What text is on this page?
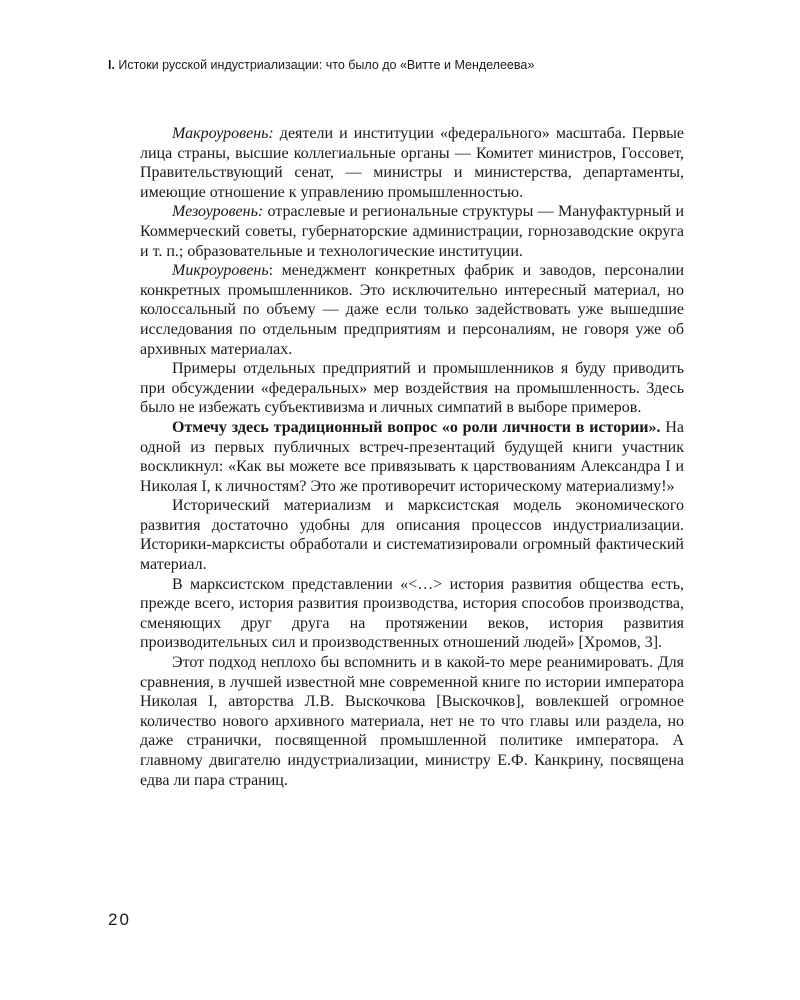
I. Истоки русской индустриализации: что было до «Витте и Менделеева»

Макроуровень: деятели и институции «федерального» масштаба. Первые лица страны, высшие коллегиальные органы — Комитет министров, Госсовет, Правительствующий сенат, — министры и министерства, департаменты, имеющие отношение к управлению промышленностью.

Мезоуровень: отраслевые и региональные структуры — Мануфактурный и Коммерческий советы, губернаторские администрации, горнозаводские округа и т. п.; образовательные и технологические институции.

Микроуровень: менеджмент конкретных фабрик и заводов, персоналии конкретных промышленников. Это исключительно интересный материал, но колоссальный по объему — даже если только задействовать уже вышедшие исследования по отдельным предприятиям и персоналиям, не говоря уже об архивных материалах.

Примеры отдельных предприятий и промышленников я буду приводить при обсуждении «федеральных» мер воздействия на промышленность. Здесь было не избежать субъективизма и личных симпатий в выборе примеров.

Отмечу здесь традиционный вопрос «о роли личности в истории». На одной из первых публичных встреч-презентаций будущей книги участник воскликнул: «Как вы можете все привязывать к царствованиям Александра I и Николая I, к личностям? Это же противоречит историческому материализму!»

Исторический материализм и марксистская модель экономического развития достаточно удобны для описания процессов индустриализации. Историки-марксисты обработали и систематизировали огромный фактический материал.

В марксистском представлении «<…> история развития общества есть, прежде всего, история развития производства, история способов производства, сменяющих друг друга на протяжении веков, история развития производительных сил и производственных отношений людей» [Хромов, 3].

Этот подход неплохо бы вспомнить и в какой-то мере реанимировать. Для сравнения, в лучшей известной мне современной книге по истории императора Николая I, авторства Л.В. Выскочкова [Выскочков], вовлекшей огромное количество нового архивного материала, нет не то что главы или раздела, но даже странички, посвященной промышленной политике императора. А главному двигателю индустриализации, министру Е.Ф. Канкрину, посвящена едва ли пара страниц.

20
